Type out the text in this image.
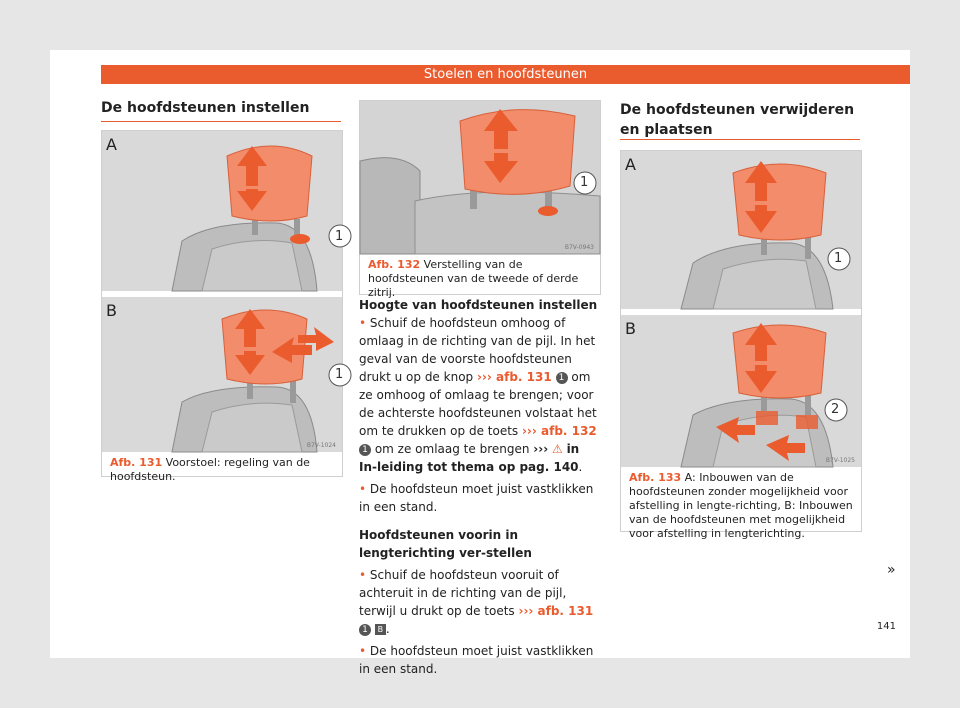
Stoelen en hoofdsteunen
De hoofdsteunen instellen
A
1
B
1
B7V-1024
Afb. 131 Voorstoel: regeling van de hoofdsteun.
1
B7V-0943
Afb. 132 Verstelling van de hoofdsteunen van de tweede of derde zitrij.

Hoogte van hoofdsteunen instellen

• Schuif de hoofdsteun omhoog of omlaag in de richting van de pijl. In het geval van de voorste hoofdsteunen drukt u op de knop ››› afb. 131 1 om ze omhoog of omlaag te brengen; voor de achterste hoofdsteunen volstaat het om te drukken op de toets ››› afb. 132 1 om ze omlaag te brengen ››› ⚠ in In-leiding tot thema op pag. 140.

• De hoofdsteun moet juist vastklikken in een stand.

Hoofdsteunen voorin in lengterichting ver-stellen

• Schuif de hoofdsteun vooruit of achteruit in de richting van de pijl, terwijl u drukt op de toets ››› afb. 131 1 B .

• De hoofdsteun moet juist vastklikken in een stand.

De hoofdsteunen verwijderen en plaatsen
A
1
B
2
B7V-1025
Afb. 133 A: Inbouwen van de hoofdsteunen zonder mogelijkheid voor afstelling in lengte-richting, B: Inbouwen van de hoofdsteunen met mogelijkheid voor afstelling in lengterichting.
»
141
